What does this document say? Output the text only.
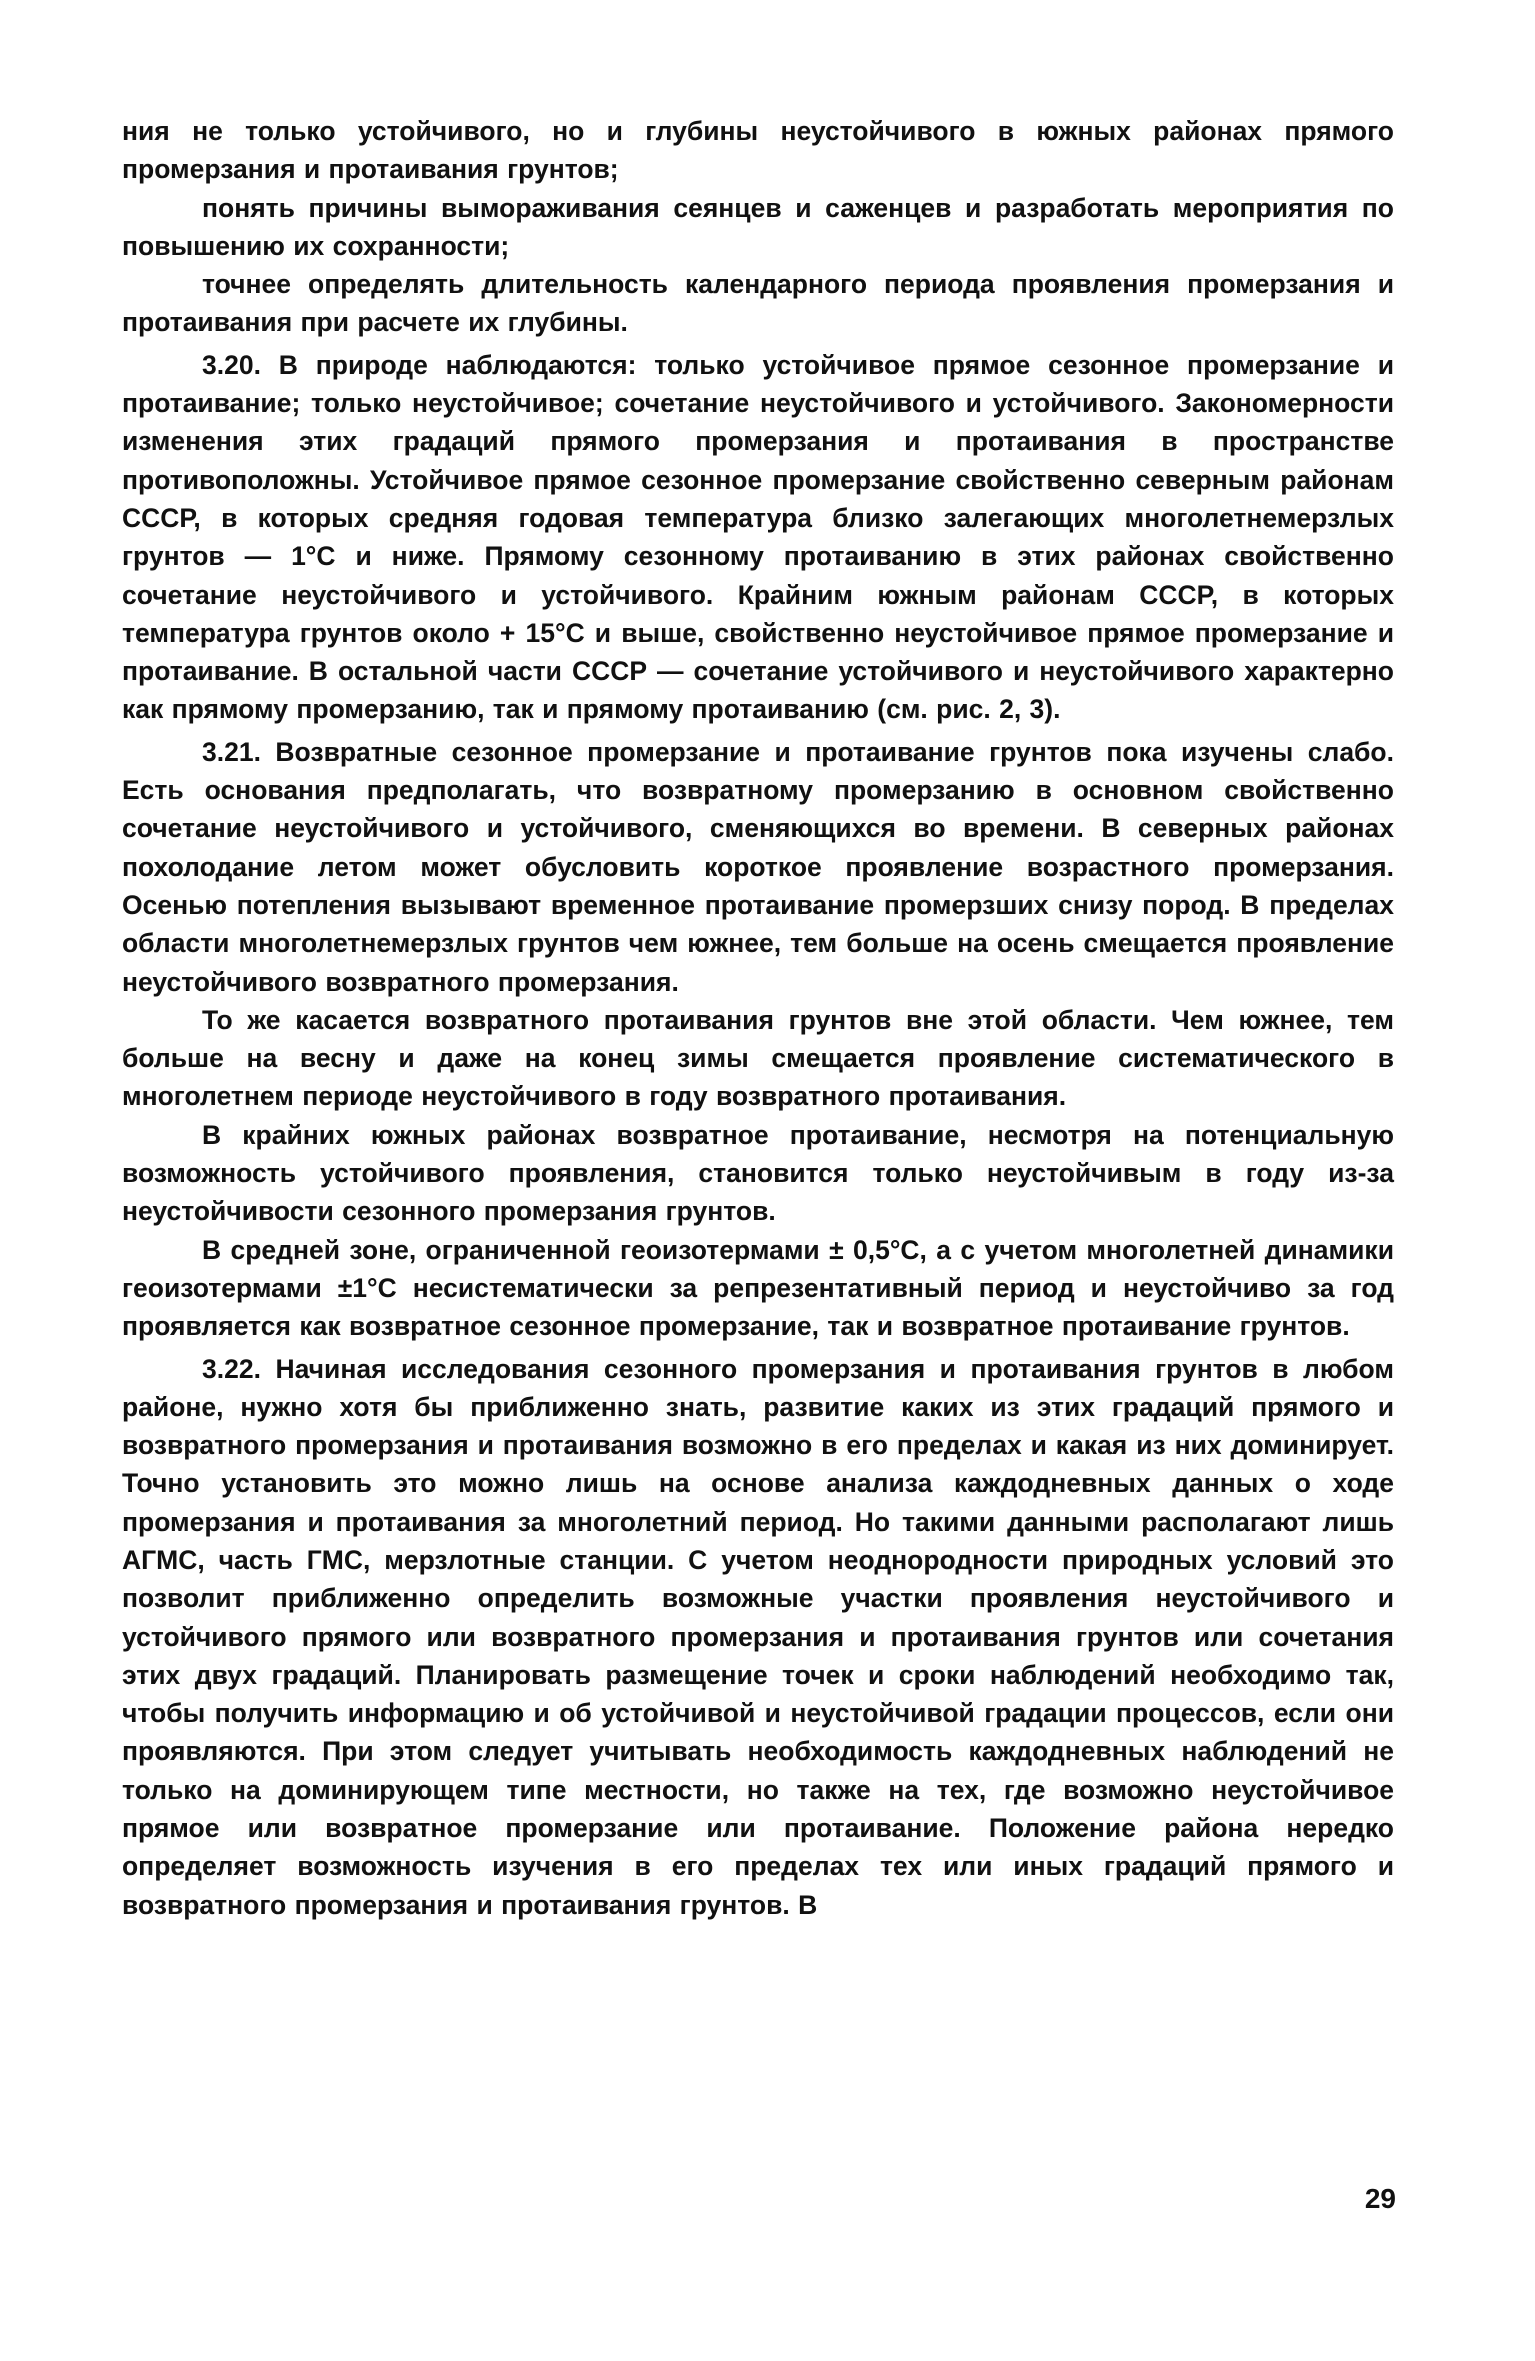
ния не только устойчивого, но и глубины неустойчивого в южных районах прямого промерзания и протаивания грунтов;

понять причины вымораживания сеянцев и саженцев и разработать мероприятия по повышению их сохранности;

точнее определять длительность календарного периода проявления промерзания и протаивания при расчете их глубины.

3.20. В природе наблюдаются: только устойчивое прямое сезонное промерзание и протаивание; только неустойчивое; сочетание неустойчивого и устойчивого. Закономерности изменения этих градаций прямого промерзания и протаивания в пространстве противоположны. Устойчивое прямое сезонное промерзание свойственно северным районам СССР, в которых средняя годовая температура близко залегающих многолетнемерзлых грунтов — 1°С и ниже. Прямому сезонному протаиванию в этих районах свойственно сочетание неустойчивого и устойчивого. Крайним южным районам СССР, в которых температура грунтов около + 15°С и выше, свойственно неустойчивое прямое промерзание и протаивание. В остальной части СССР — сочетание устойчивого и неустойчивого характерно как прямому промерзанию, так и прямому протаиванию (см. рис. 2, 3).

3.21. Возвратные сезонное промерзание и протаивание грунтов пока изучены слабо. Есть основания предполагать, что возвратному промерзанию в основном свойственно сочетание неустойчивого и устойчивого, сменяющихся во времени. В северных районах похолодание летом может обусловить короткое проявление возрастного промерзания. Осенью потепления вызывают временное протаивание промерзших снизу пород. В пределах области многолетнемерзлых грунтов чем южнее, тем больше на осень смещается проявление неустойчивого возвратного промерзания.

То же касается возвратного протаивания грунтов вне этой области. Чем южнее, тем больше на весну и даже на конец зимы смещается проявление систематического в многолетнем периоде неустойчивого в году возвратного протаивания.

В крайних южных районах возвратное протаивание, несмотря на потенциальную возможность устойчивого проявления, становится только неустойчивым в году из-за неустойчивости сезонного промерзания грунтов.

В средней зоне, ограниченной геоизотермами ± 0,5°С, а с учетом многолетней динамики геоизотермами ±1°С несистематически за репрезентативный период и неустойчиво за год проявляется как возвратное сезонное промерзание, так и возвратное протаивание грунтов.

3.22. Начиная исследования сезонного промерзания и протаивания грунтов в любом районе, нужно хотя бы приближенно знать, развитие каких из этих градаций прямого и возвратного промерзания и протаивания возможно в его пределах и какая из них доминирует. Точно установить это можно лишь на основе анализа каждодневных данных о ходе промерзания и протаивания за многолетний период. Но такими данными располагают лишь АГМС, часть ГМС, мерзлотные станции. С учетом неоднородности природных условий это позволит приближенно определить возможные участки проявления неустойчивого и устойчивого прямого или возвратного промерзания и протаивания грунтов или сочетания этих двух градаций. Планировать размещение точек и сроки наблюдений необходимо так, чтобы получить информацию и об устойчивой и неустойчивой градации процессов, если они проявляются. При этом следует учитывать необходимость каждодневных наблюдений не только на доминирующем типе местности, но также на тех, где возможно неустойчивое прямое или возвратное промерзание или протаивание. Положение района нередко определяет возможность изучения в его пределах тех или иных градаций прямого и возвратного промерзания и протаивания грунтов. В

29
